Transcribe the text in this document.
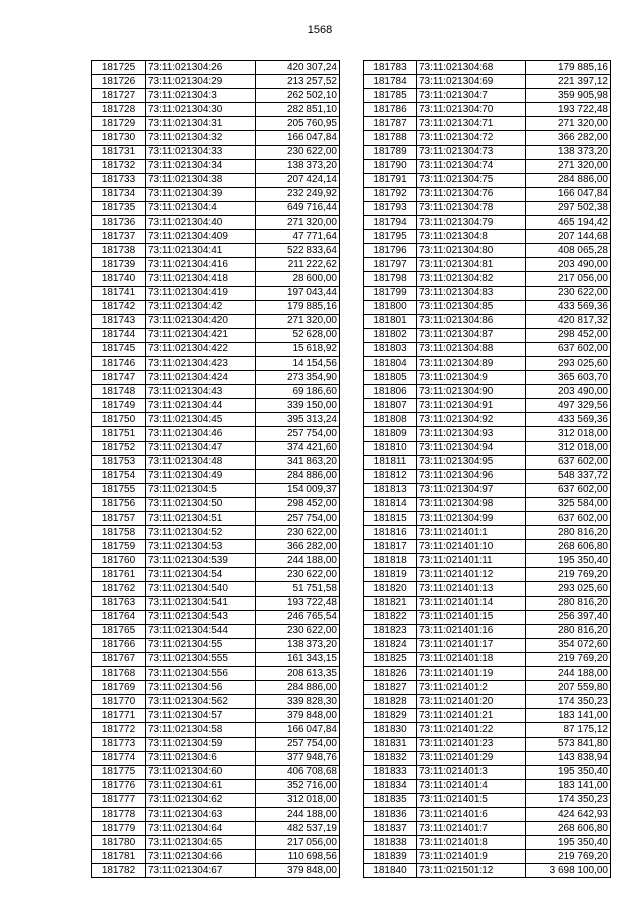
1568
181725	73:11:021304:26	420 307,24
181726	73:11:021304:29	213 257,52
181727	73:11:021304:3	262 502,10
181728	73:11:021304:30	282 851,10
181729	73:11:021304:31	205 760,95
181730	73:11:021304:32	166 047,84
181731	73:11:021304:33	230 622,00
181732	73:11:021304:34	138 373,20
181733	73:11:021304:38	207 424,14
181734	73:11:021304:39	232 249,92
181735	73:11:021304:4	649 716,44
181736	73:11:021304:40	271 320,00
181737	73:11:021304:409	47 771,64
181738	73:11:021304:41	522 833,64
181739	73:11:021304:416	211 222,62
181740	73:11:021304:418	28 600,00
181741	73:11:021304:419	197 043,44
181742	73:11:021304:42	179 885,16
181743	73:11:021304:420	271 320,00
181744	73:11:021304:421	52 628,00
181745	73:11:021304:422	15 618,92
181746	73:11:021304:423	14 154,56
181747	73:11:021304:424	273 354,90
181748	73:11:021304:43	69 186,60
181749	73:11:021304:44	339 150,00
181750	73:11:021304:45	395 313,24
181751	73:11:021304:46	257 754,00
181752	73:11:021304:47	374 421,60
181753	73:11:021304:48	341 863,20
181754	73:11:021304:49	284 886,00
181755	73:11:021304:5	154 009,37
181756	73:11:021304:50	298 452,00
181757	73:11:021304:51	257 754,00
181758	73:11:021304:52	230 622,00
181759	73:11:021304:53	366 282,00
181760	73:11:021304:539	244 188,00
181761	73:11:021304:54	230 622,00
181762	73:11:021304:540	51 751,58
181763	73:11:021304:541	193 722,48
181764	73:11:021304:543	246 765,54
181765	73:11:021304:544	230 622,00
181766	73:11:021304:55	138 373,20
181767	73:11:021304:555	161 343,15
181768	73:11:021304:556	208 613,35
181769	73:11:021304:56	284 886,00
181770	73:11:021304:562	339 828,30
181771	73:11:021304:57	379 848,00
181772	73:11:021304:58	166 047,84
181773	73:11:021304:59	257 754,00
181774	73:11:021304:6	377 948,76
181775	73:11:021304:60	406 708,68
181776	73:11:021304:61	352 716,00
181777	73:11:021304:62	312 018,00
181778	73:11:021304:63	244 188,00
181779	73:11:021304:64	482 537,19
181780	73:11:021304:65	217 056,00
181781	73:11:021304:66	110 698,56
181782	73:11:021304:67	379 848,00
181783	73:11:021304:68	179 885,16
181784	73:11:021304:69	221 397,12
181785	73:11:021304:7	359 905,98
181786	73:11:021304:70	193 722,48
181787	73:11:021304:71	271 320,00
181788	73:11:021304:72	366 282,00
181789	73:11:021304:73	138 373,20
181790	73:11:021304:74	271 320,00
181791	73:11:021304:75	284 886,00
181792	73:11:021304:76	166 047,84
181793	73:11:021304:78	297 502,38
181794	73:11:021304:79	465 194,42
181795	73:11:021304:8	207 144,68
181796	73:11:021304:80	408 065,28
181797	73:11:021304:81	203 490,00
181798	73:11:021304:82	217 056,00
181799	73:11:021304:83	230 622,00
181800	73:11:021304:85	433 569,36
181801	73:11:021304:86	420 817,32
181802	73:11:021304:87	298 452,00
181803	73:11:021304:88	637 602,00
181804	73:11:021304:89	293 025,60
181805	73:11:021304:9	365 603,70
181806	73:11:021304:90	203 490,00
181807	73:11:021304:91	497 329,56
181808	73:11:021304:92	433 569,36
181809	73:11:021304:93	312 018,00
181810	73:11:021304:94	312 018,00
181811	73:11:021304:95	637 602,00
181812	73:11:021304:96	548 337,72
181813	73:11:021304:97	637 602,00
181814	73:11:021304:98	325 584,00
181815	73:11:021304:99	637 602,00
181816	73:11:021401:1	280 816,20
181817	73:11:021401:10	268 606,80
181818	73:11:021401:11	195 350,40
181819	73:11:021401:12	219 769,20
181820	73:11:021401:13	293 025,60
181821	73:11:021401:14	280 816,20
181822	73:11:021401:15	256 397,40
181823	73:11:021401:16	280 816,20
181824	73:11:021401:17	354 072,60
181825	73:11:021401:18	219 769,20
181826	73:11:021401:19	244 188,00
181827	73:11:021401:2	207 559,80
181828	73:11:021401:20	174 350,23
181829	73:11:021401:21	183 141,00
181830	73:11:021401:22	87 175,12
181831	73:11:021401:23	573 841,80
181832	73:11:021401:29	143 838,94
181833	73:11:021401:3	195 350,40
181834	73:11:021401:4	183 141,00
181835	73:11:021401:5	174 350,23
181836	73:11:021401:6	424 642,93
181837	73:11:021401:7	268 606,80
181838	73:11:021401:8	195 350,40
181839	73:11:021401:9	219 769,20
181840	73:11:021501:12	3 698 100,00
